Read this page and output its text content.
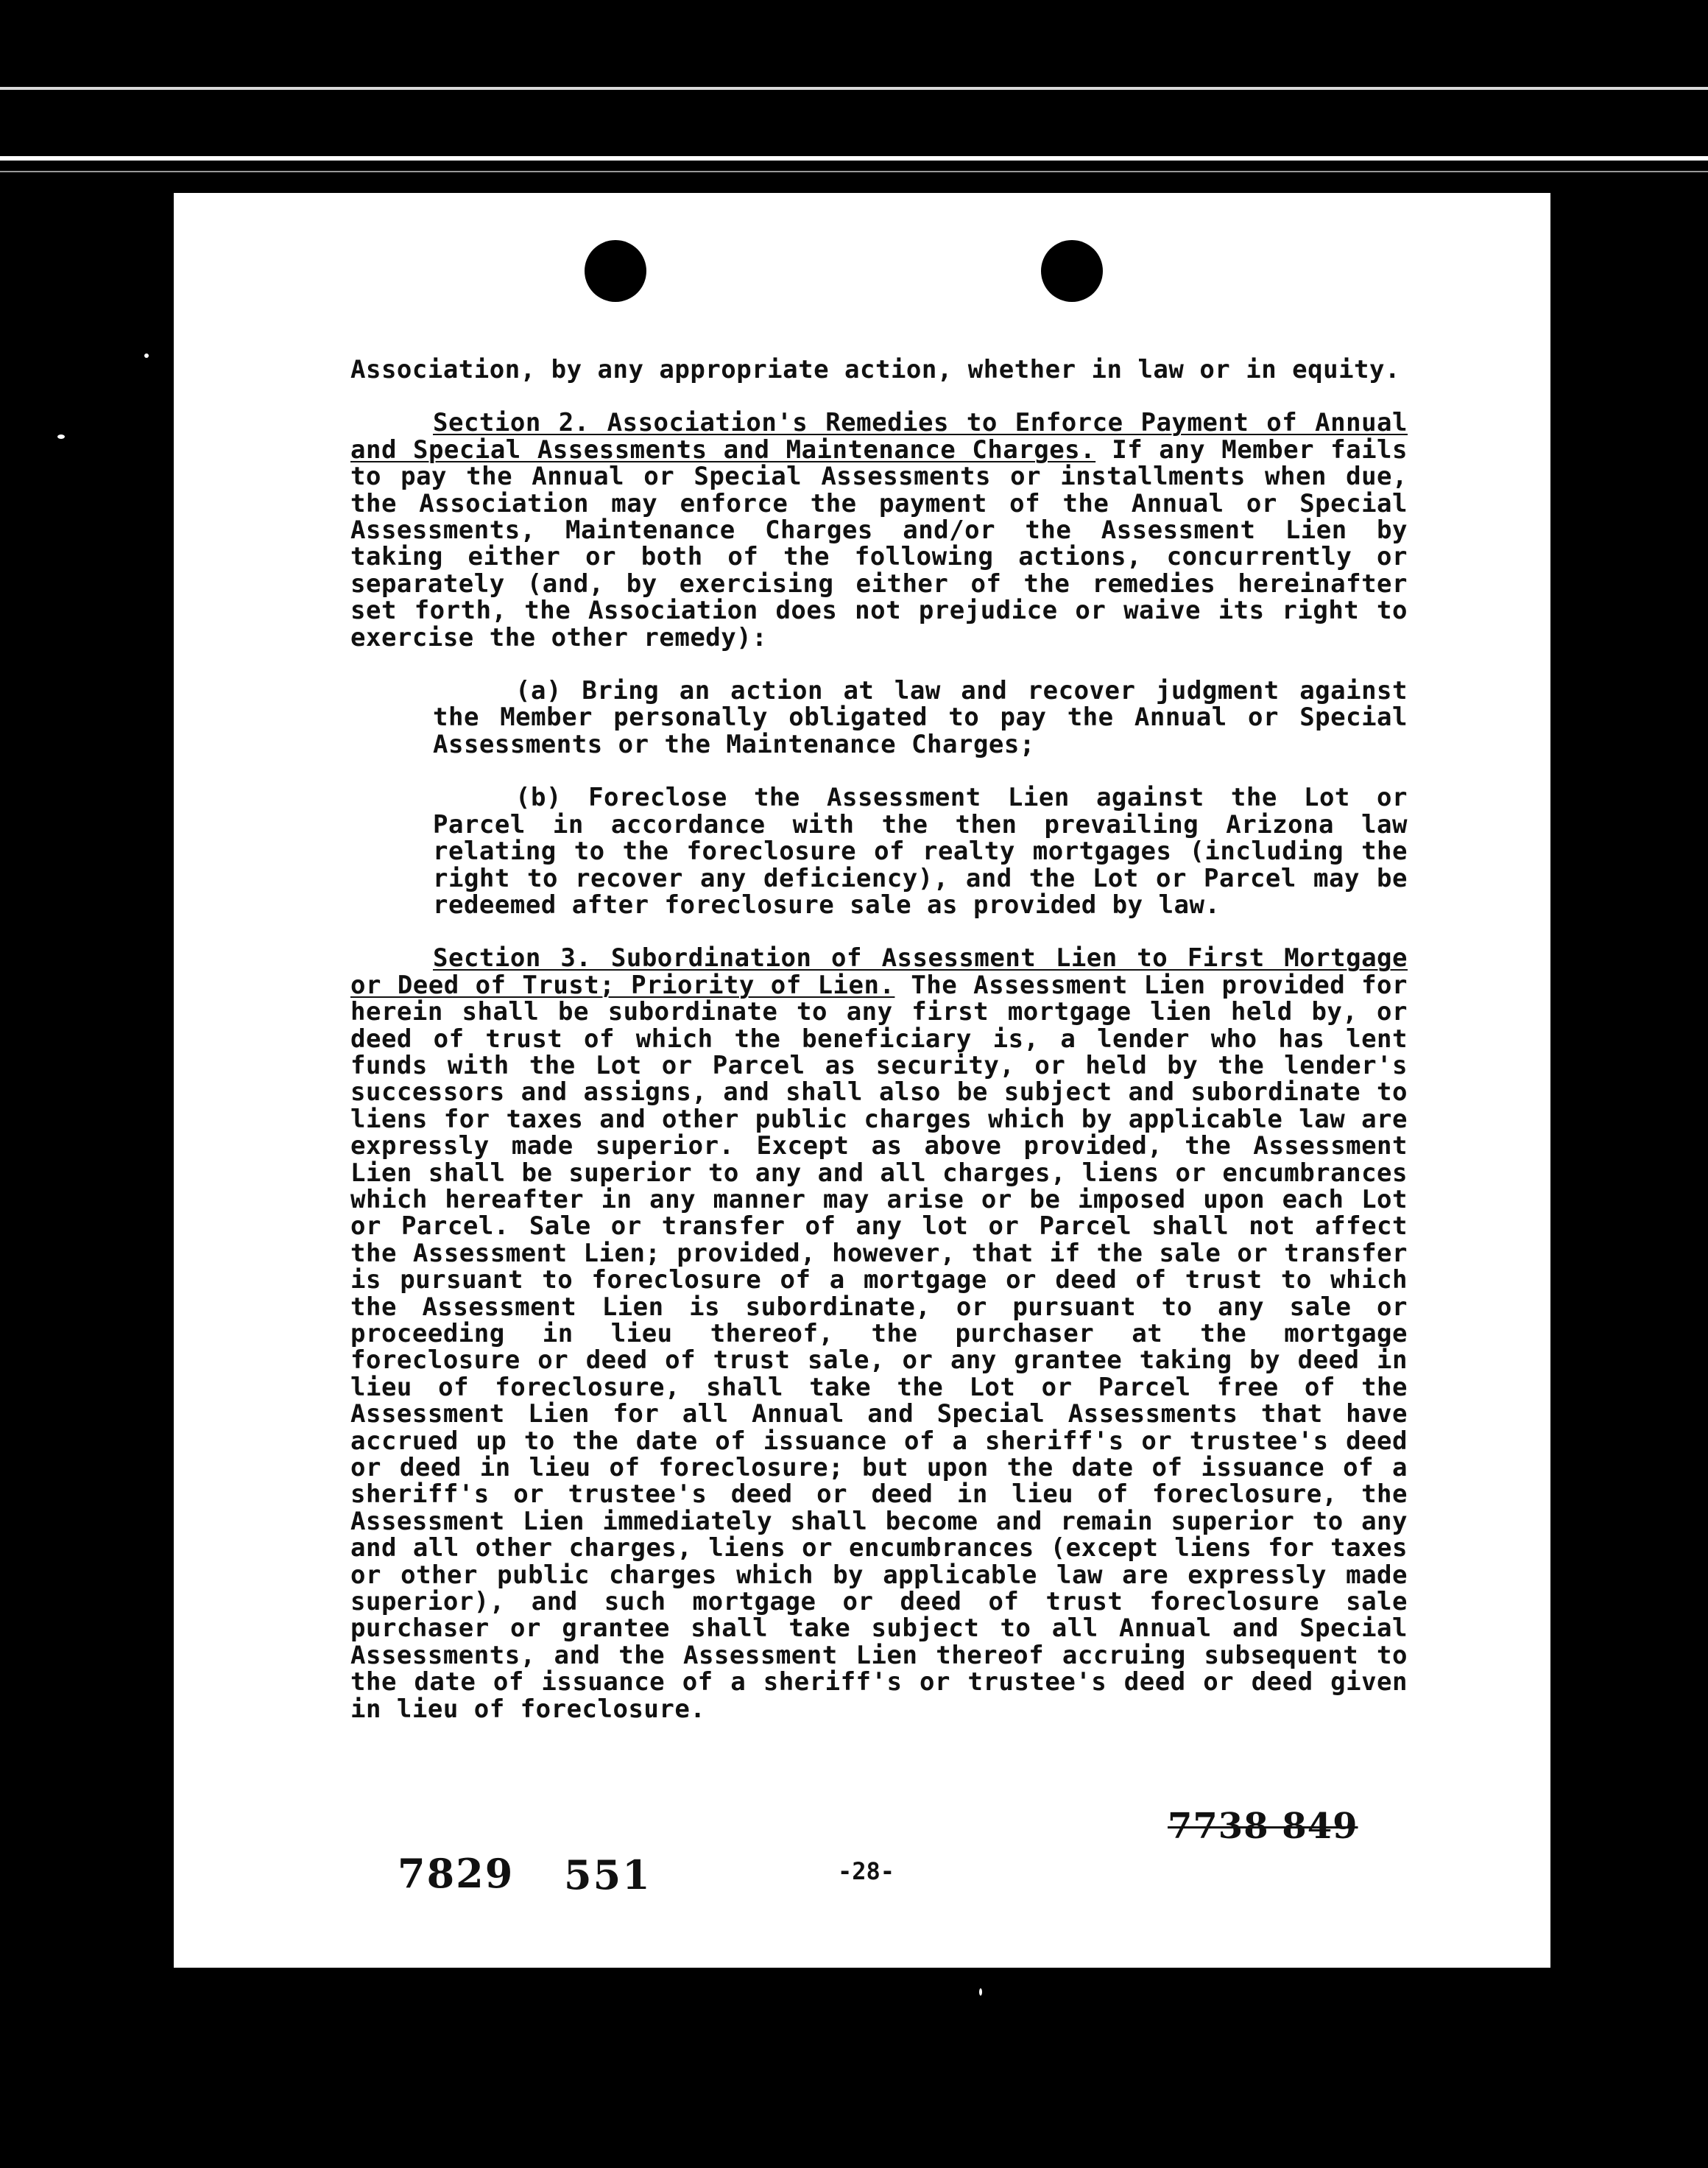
Association, by any appropriate action, whether in law or in equity.

Section 2. Association's Remedies to Enforce Payment of Annual and Special Assessments and Maintenance Charges. If any Member fails to pay the Annual or Special Assessments or installments when due, the Association may enforce the payment of the Annual or Special Assessments, Maintenance Charges and/or the Assessment Lien by taking either or both of the following actions, concurrently or separately (and, by exercising either of the remedies hereinafter set forth, the Association does not prejudice or waive its right to exercise the other remedy):

(a) Bring an action at law and recover judgment against the Member personally obligated to pay the Annual or Special Assessments or the Maintenance Charges;

(b) Foreclose the Assessment Lien against the Lot or Parcel in accordance with the then prevailing Arizona law relating to the foreclosure of realty mortgages (including the right to recover any deficiency), and the Lot or Parcel may be redeemed after foreclosure sale as provided by law.

Section 3. Subordination of Assessment Lien to First Mortgage or Deed of Trust; Priority of Lien. The Assessment Lien provided for herein shall be subordinate to any first mortgage lien held by, or deed of trust of which the beneficiary is, a lender who has lent funds with the Lot or Parcel as security, or held by the lender's successors and assigns, and shall also be subject and subordinate to liens for taxes and other public charges which by applicable law are expressly made superior. Except as above provided, the Assessment Lien shall be superior to any and all charges, liens or encumbrances which hereafter in any manner may arise or be imposed upon each Lot or Parcel. Sale or transfer of any lot or Parcel shall not affect the Assessment Lien; provided, however, that if the sale or transfer is pursuant to foreclosure of a mortgage or deed of trust to which the Assessment Lien is subordinate, or pursuant to any sale or proceeding in lieu thereof, the purchaser at the mortgage foreclosure or deed of trust sale, or any grantee taking by deed in lieu of foreclosure, shall take the Lot or Parcel free of the Assessment Lien for all Annual and Special Assessments that have accrued up to the date of issuance of a sheriff's or trustee's deed or deed in lieu of foreclosure; but upon the date of issuance of a sheriff's or trustee's deed or deed in lieu of foreclosure, the Assessment Lien immediately shall become and remain superior to any and all other charges, liens or encumbrances (except liens for taxes or other public charges which by applicable law are expressly made superior), and such mortgage or deed of trust foreclosure sale purchaser or grantee shall take subject to all Annual and Special Assessments, and the Assessment Lien thereof accruing subsequent to the date of issuance of a sheriff's or trustee's deed or deed given in lieu of foreclosure.

7738 849
7829 551	-28-
